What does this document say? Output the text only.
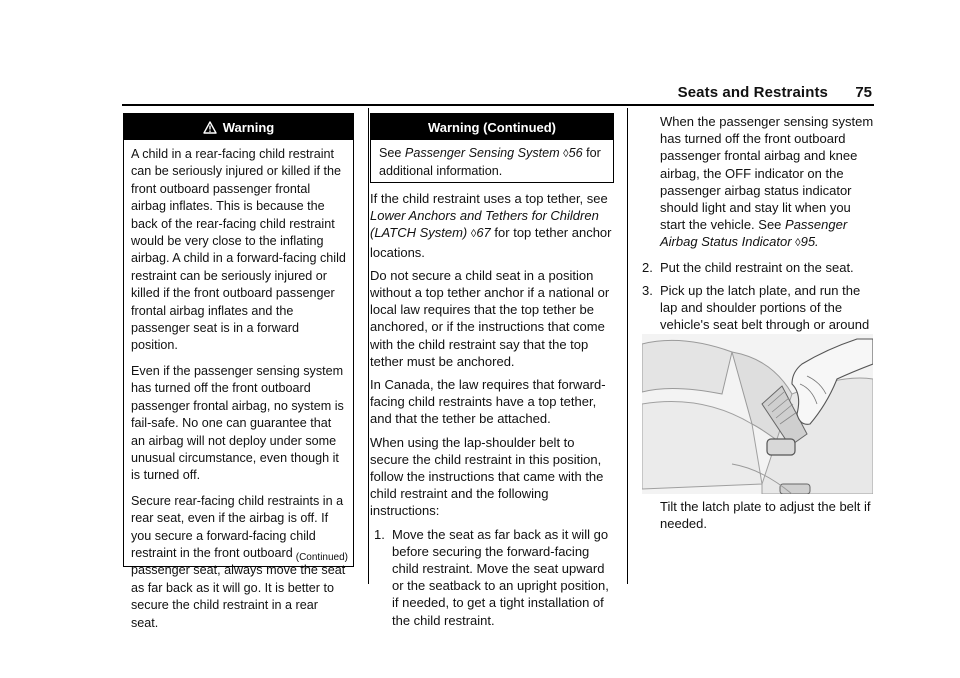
Seats and Restraints 75
Warning

A child in a rear-facing child restraint can be seriously injured or killed if the front outboard passenger frontal airbag inflates. This is because the back of the rear-facing child restraint would be very close to the inflating airbag. A child in a forward-facing child restraint can be seriously injured or killed if the front outboard passenger frontal airbag inflates and the passenger seat is in a forward position.

Even if the passenger sensing system has turned off the front outboard passenger frontal airbag, no system is fail-safe. No one can guarantee that an airbag will not deploy under some unusual circumstance, even though it is turned off.

Secure rear-facing child restraints in a rear seat, even if the airbag is off. If you secure a forward-facing child restraint in the front outboard passenger seat, always move the seat as far back as it will go. It is better to secure the child restraint in a rear seat.

(Continued)
Warning (Continued)
See Passenger Sensing System ◊56 for additional information.

If the child restraint uses a top tether, see Lower Anchors and Tethers for Children (LATCH System) ◊67 for top tether anchor locations.

Do not secure a child seat in a position without a top tether anchor if a national or local law requires that the top tether be anchored, or if the instructions that come with the child restraint say that the top tether must be anchored.

In Canada, the law requires that forward-facing child restraints have a top tether, and that the tether be attached.

When using the lap-shoulder belt to secure the child restraint in this position, follow the instructions that came with the child restraint and the following instructions:

1. Move the seat as far back as it will go before securing the forward-facing child restraint. Move the seat upward or the seatback to an upright position, if needed, to get a tight installation of the child restraint.

When the passenger sensing system has turned off the front outboard passenger frontal airbag and knee airbag, the OFF indicator on the passenger airbag status indicator should light and stay lit when you start the vehicle. See Passenger Airbag Status Indicator ◊95.

2. Put the child restraint on the seat.
3. Pick up the latch plate, and run the lap and shoulder portions of the vehicle's seat belt through or around
Tilt the latch plate to adjust the belt if needed.
